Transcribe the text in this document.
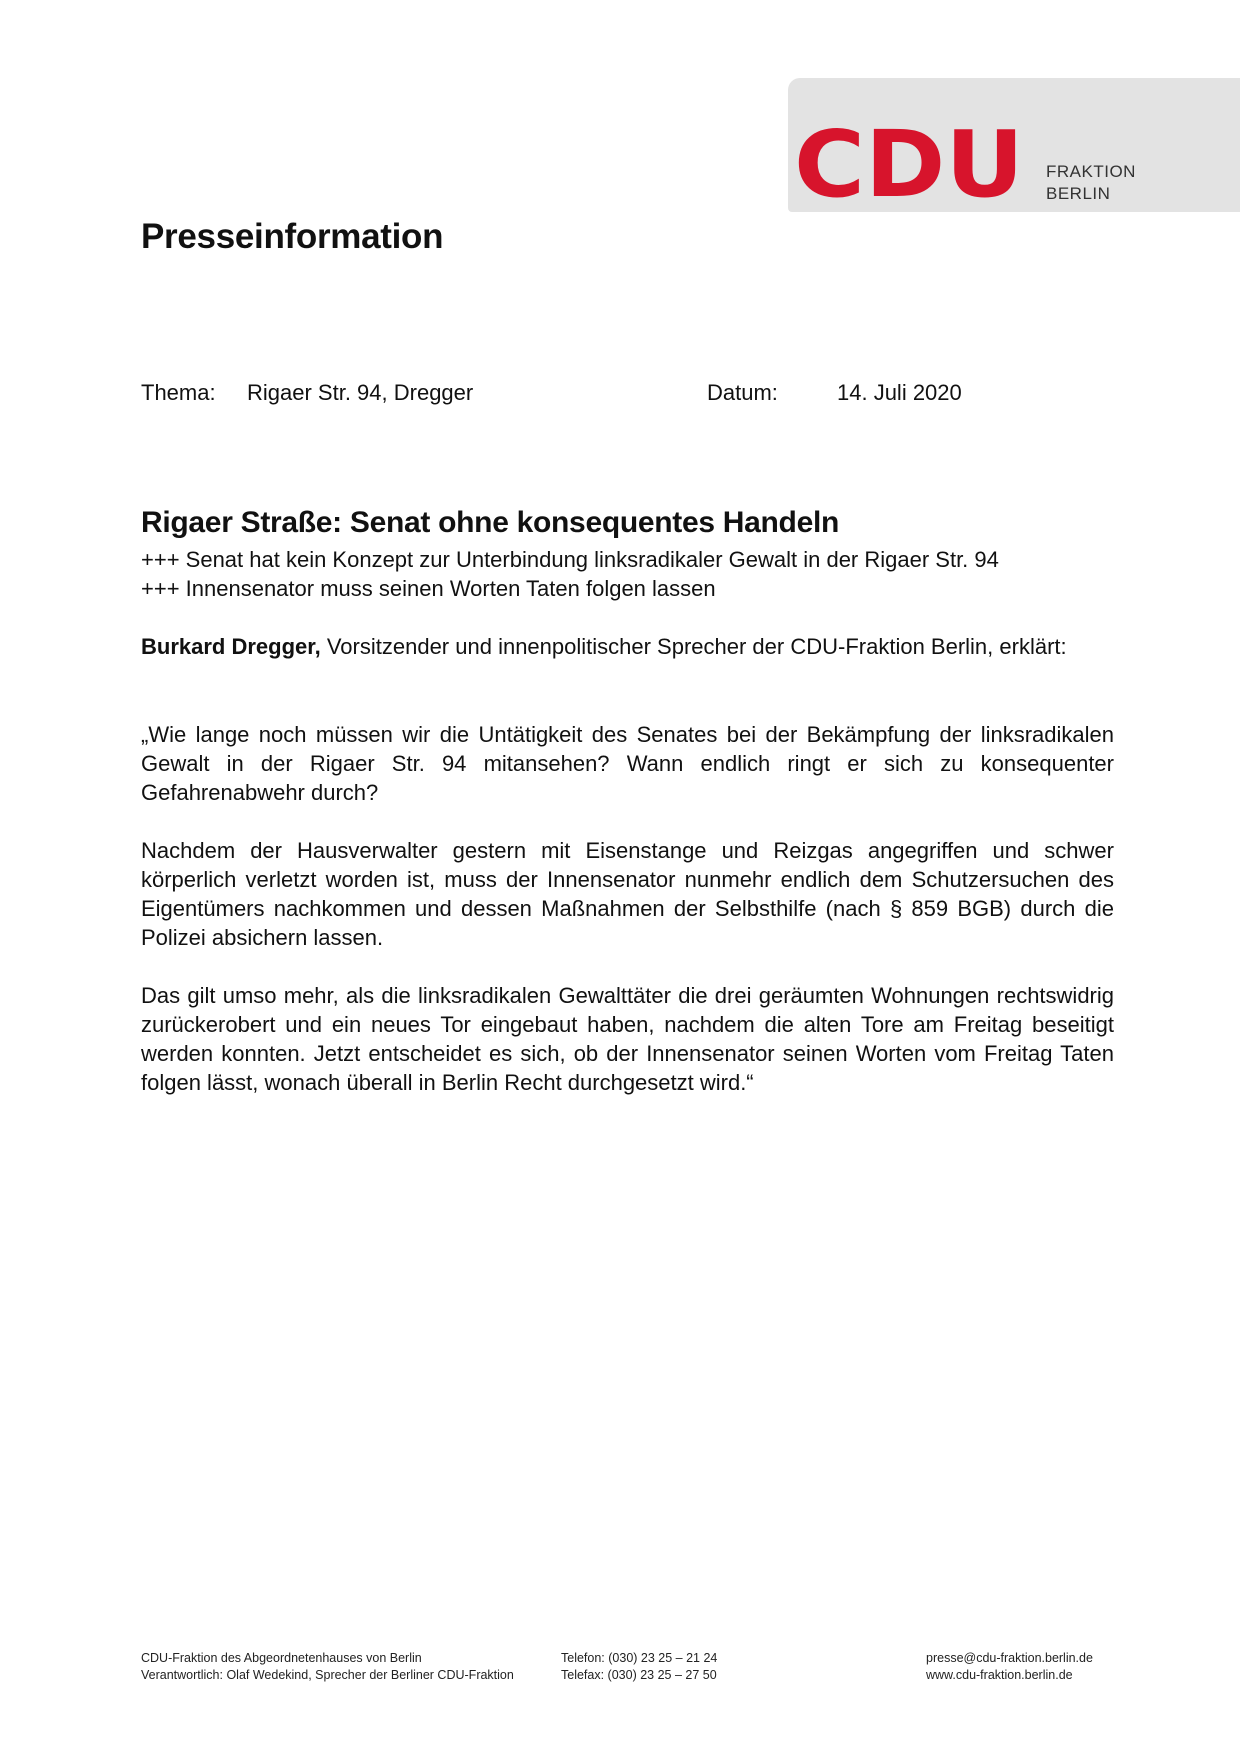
CDU FRAKTION
BERLIN
Presseinformation
Thema: Rigaer Str. 94, Dregger	Datum:	14. Juli 2020
Rigaer Straße: Senat ohne konsequentes Handeln
+++ Senat hat kein Konzept zur Unterbindung linksradikaler Gewalt in der Rigaer Str. 94
+++ Innensenator muss seinen Worten Taten folgen lassen

Burkard Dregger, Vorsitzender und innenpolitischer Sprecher der CDU-Fraktion Berlin, erklärt:

„Wie lange noch müssen wir die Untätigkeit des Senates bei der Bekämpfung der linksradikalen Gewalt in der Rigaer Str. 94 mitansehen? Wann endlich ringt er sich zu konsequenter Gefahrenabwehr durch?

Nachdem der Hausverwalter gestern mit Eisenstange und Reizgas angegriffen und schwer körperlich verletzt worden ist, muss der Innensenator nunmehr endlich dem Schutzersuchen des Eigentümers nachkommen und dessen Maßnahmen der Selbsthilfe (nach § 859 BGB) durch die Polizei absichern lassen.

Das gilt umso mehr, als die linksradikalen Gewalttäter die drei geräumten Wohnungen rechtswidrig zurückerobert und ein neues Tor eingebaut haben, nachdem die alten Tore am Freitag beseitigt werden konnten. Jetzt entscheidet es sich, ob der Innensenator seinen Worten vom Freitag Taten folgen lässt, wonach überall in Berlin Recht durchgesetzt wird.“

CDU-Fraktion des Abgeordnetenhauses von Berlin
Verantwortlich: Olaf Wedekind, Sprecher der Berliner CDU-Fraktion
Telefon: (030) 23 25 – 21 24
Telefax: (030) 23 25 – 27 50
presse@cdu-fraktion.berlin.de
www.cdu-fraktion.berlin.de
